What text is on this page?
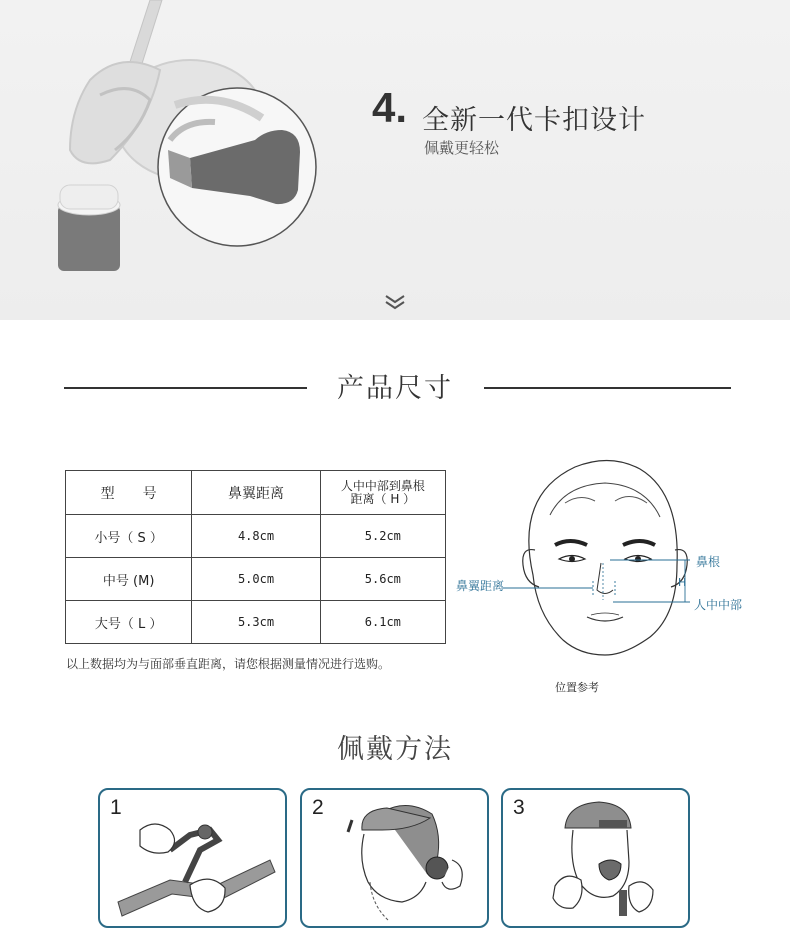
4. 全新一代卡扣设计
佩戴更轻松
产品尺寸
型　　号	鼻翼距离	人中中部到鼻根
距离（ H ）
小号（ S ）	4.8cm	5.2cm
中号 (M)	5.0cm	5.6cm
大号（ L ）	5.3cm	6.1cm
以上数据均为与面部垂直距离，请您根据测量情况进行选购。
鼻根
H
鼻翼距离
人中中部
位置参考
佩戴方法
1	2	3
